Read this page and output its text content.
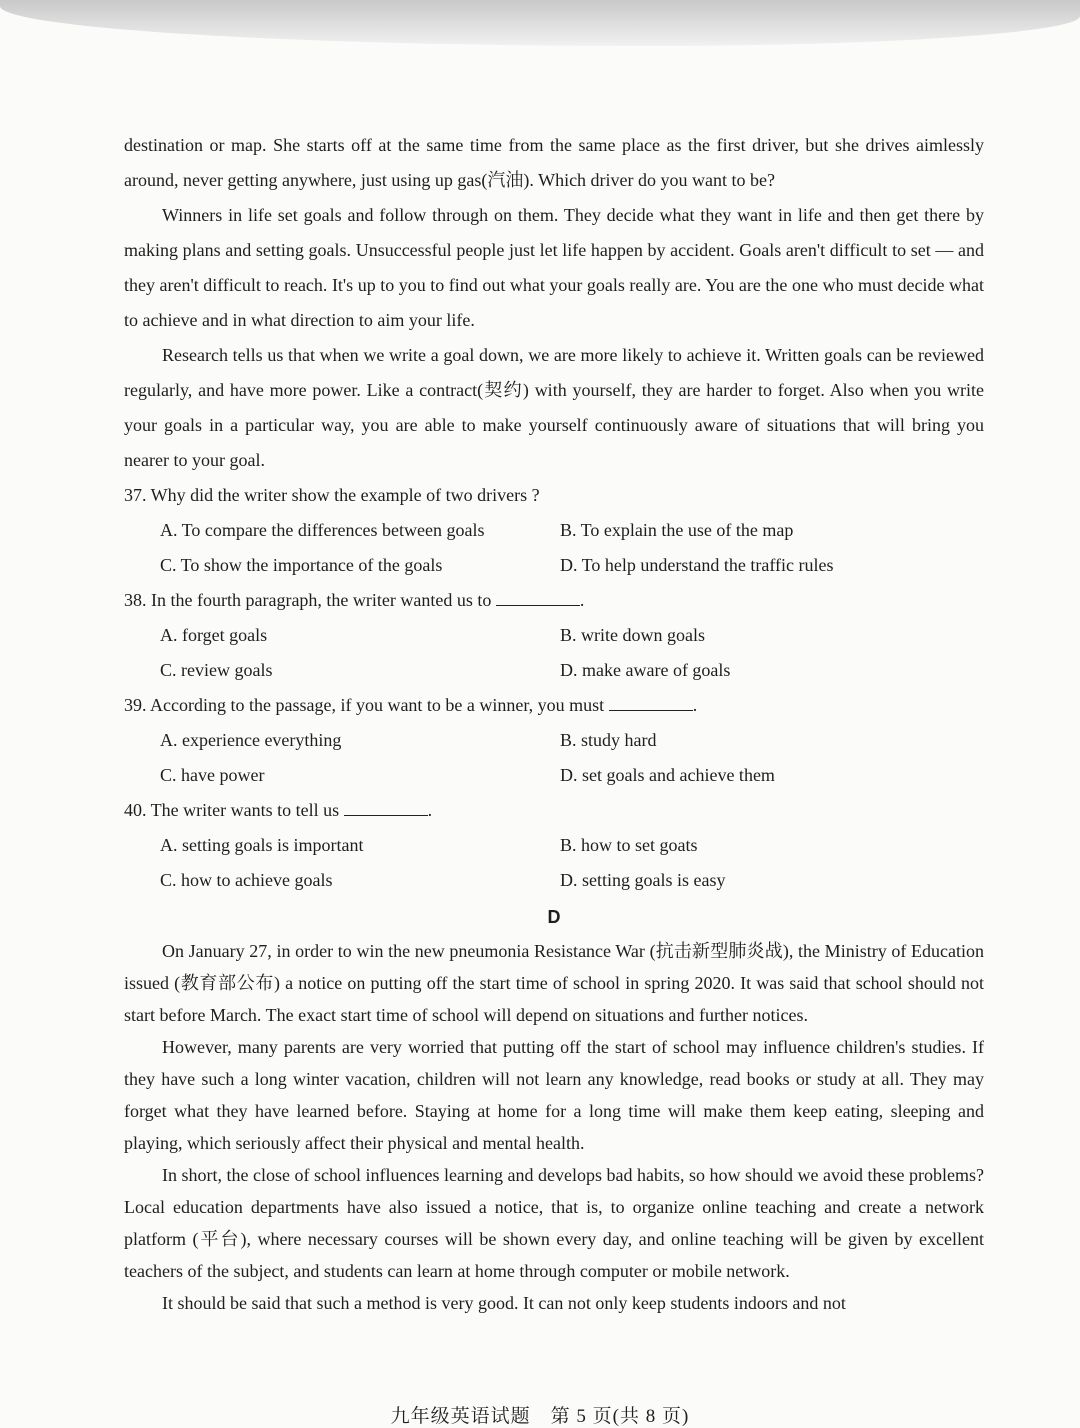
destination or map. She starts off at the same time from the same place as the first driver, but she drives aimlessly around, never getting anywhere, just using up gas(汽油). Which driver do you want to be?

Winners in life set goals and follow through on them. They decide what they want in life and then get there by making plans and setting goals. Unsuccessful people just let life happen by accident. Goals aren't difficult to set — and they aren't difficult to reach. It's up to you to find out what your goals really are. You are the one who must decide what to achieve and in what direction to aim your life.

Research tells us that when we write a goal down, we are more likely to achieve it. Written goals can be reviewed regularly, and have more power. Like a contract(契约) with yourself, they are harder to forget. Also when you write your goals in a particular way, you are able to make yourself continuously aware of situations that will bring you nearer to your goal.

37. Why did the writer show the example of two drivers ?

A. To compare the differences between goals	B. To explain the use of the map
C. To show the importance of the goals	D. To help understand the traffic rules

38. In the fourth paragraph, the writer wanted us to	.

A. forget goals	B. write down goals
C. review goals	D. make aware of goals

39. According to the passage, if you want to be a winner, you must	.

A. experience everything	B. study hard
C. have power	D. set goals and achieve them

40. The writer wants to tell us	.

A. setting goals is important	B. how to set goats
C. how to achieve goals	D. setting goals is easy
D

On January 27, in order to win the new pneumonia Resistance War (抗击新型肺炎战), the Ministry of Education issued (教育部公布) a notice on putting off the start time of school in spring 2020. It was said that school should not start before March. The exact start time of school will depend on situations and further notices.

However, many parents are very worried that putting off the start of school may influence children's studies. If they have such a long winter vacation, children will not learn any knowledge, read books or study at all. They may forget what they have learned before. Staying at home for a long time will make them keep eating, sleeping and playing, which seriously affect their physical and mental health.

In short, the close of school influences learning and develops bad habits, so how should we avoid these problems? Local education departments have also issued a notice, that is, to organize online teaching and create a network platform (平台), where necessary courses will be shown every day, and online teaching will be given by excellent teachers of the subject, and students can learn at home through computer or mobile network.

It should be said that such a method is very good. It can not only keep students indoors and not

九年级英语试题　第 5 页(共 8 页)
